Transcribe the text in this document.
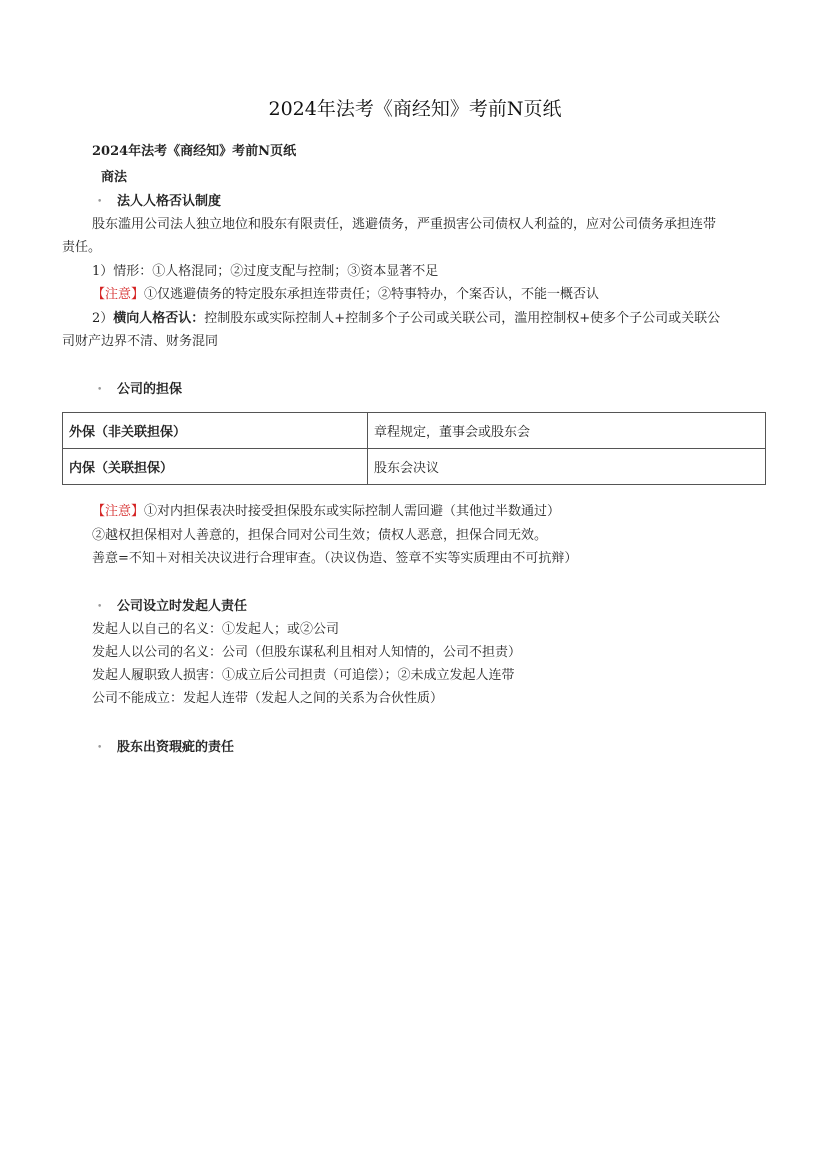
2024年法考《商经知》考前N页纸
2024年法考《商经知》考前N页纸
商法
• 法人人格否认制度
股东滥用公司法人独立地位和股东有限责任，逃避债务，严重损害公司债权人利益的，应对公司债务承担连带
责任。
1）情形：①人格混同；②过度支配与控制；③资本显著不足
【注意】①仅逃避债务的特定股东承担连带责任；②特事特办，个案否认，不能一概否认
2）横向人格否认：控制股东或实际控制人+控制多个子公司或关联公司，滥用控制权+使多个子公司或关联公
司财产边界不清、财务混同
• 公司的担保
外保（非关联担保）	章程规定，董事会或股东会
内保（关联担保）	股东会决议
【注意】①对内担保表决时接受担保股东或实际控制人需回避（其他过半数通过）
②越权担保相对人善意的，担保合同对公司生效；债权人恶意，担保合同无效。
善意=不知＋对相关决议进行合理审查。（决议伪造、签章不实等实质理由不可抗辩）
• 公司设立时发起人责任
发起人以自己的名义：①发起人；或②公司
发起人以公司的名义：公司（但股东谋私利且相对人知情的，公司不担责）
发起人履职致人损害：①成立后公司担责（可追偿）；②未成立发起人连带
公司不能成立：发起人连带（发起人之间的关系为合伙性质）
• 股东出资瑕疵的责任
